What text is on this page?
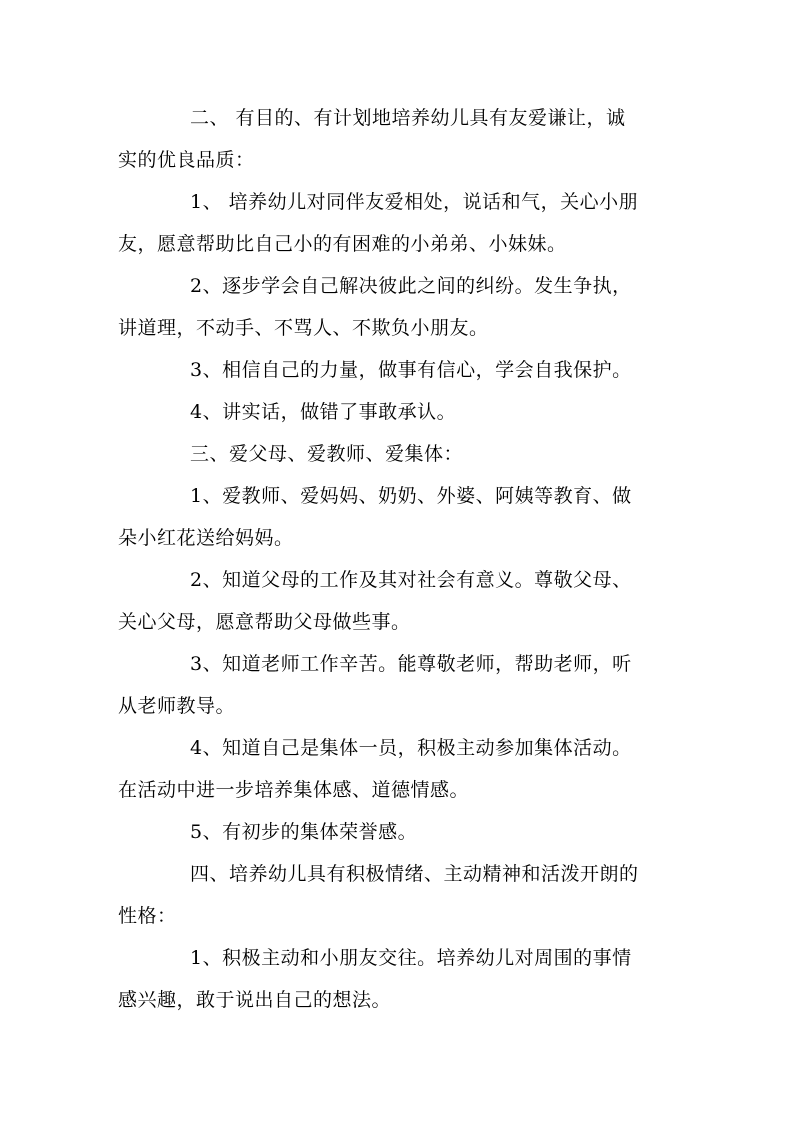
二、 有目的、有计划地培养幼儿具有友爱谦让，诚
实的优良品质：
1、 培养幼儿对同伴友爱相处，说话和气，关心小朋
友，愿意帮助比自己小的有困难的小弟弟、小妹妹。
2、逐步学会自己解决彼此之间的纠纷。发生争执，
讲道理，不动手、不骂人、不欺负小朋友。
3、相信自己的力量，做事有信心，学会自我保护。
4、讲实话，做错了事敢承认。
三、爱父母、爱教师、爱集体：
1、爱教师、爱妈妈、奶奶、外婆、阿姨等教育、做
朵小红花送给妈妈。
2、知道父母的工作及其对社会有意义。尊敬父母、
关心父母，愿意帮助父母做些事。
3、知道老师工作辛苦。能尊敬老师，帮助老师，听
从老师教导。
4、知道自己是集体一员，积极主动参加集体活动。
在活动中进一步培养集体感、道德情感。
5、有初步的集体荣誉感。
四、培养幼儿具有积极情绪、主动精神和活泼开朗的
性格：
1、积极主动和小朋友交往。培养幼儿对周围的事情
感兴趣，敢于说出自己的想法。
